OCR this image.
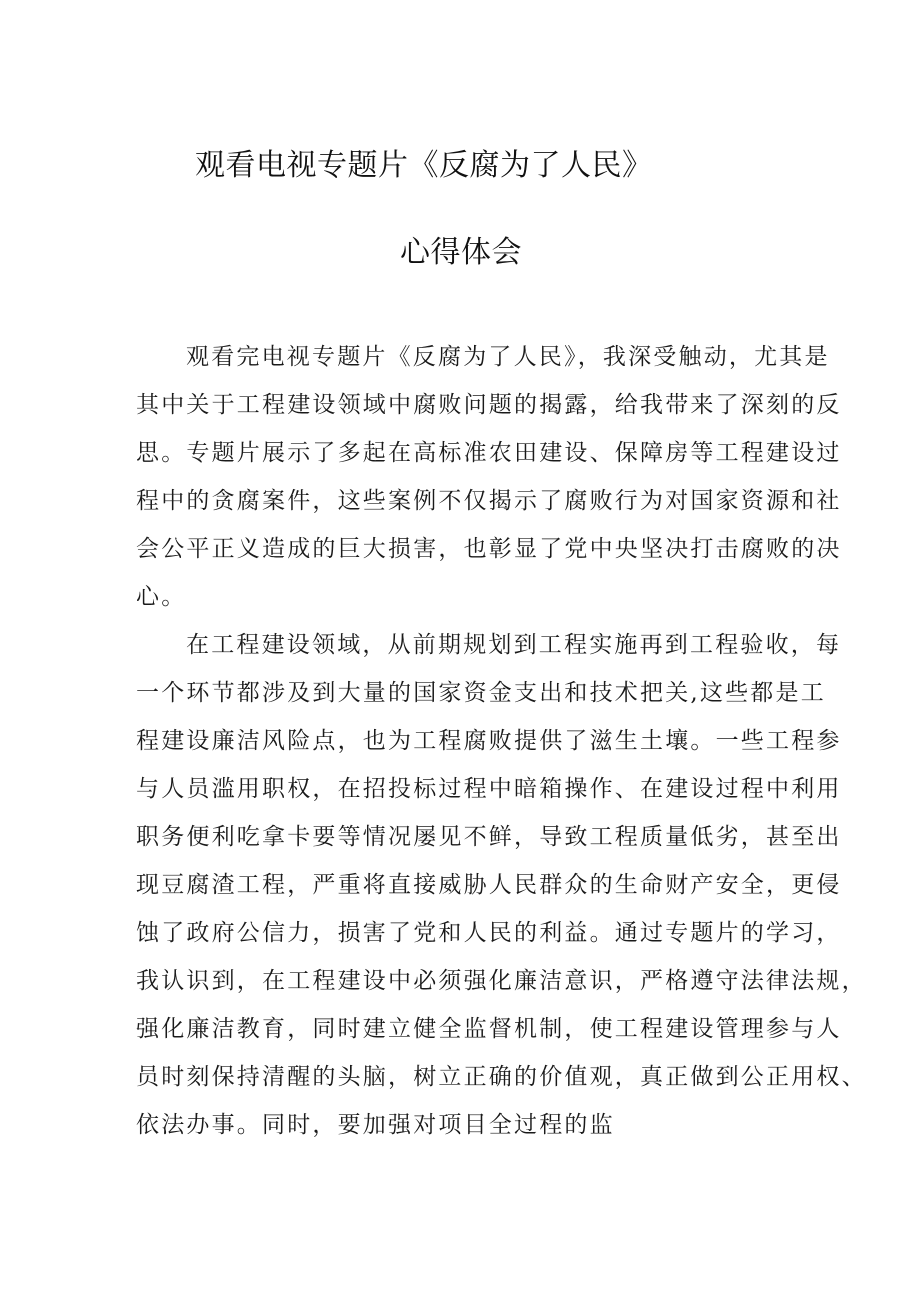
观看电视专题片《反腐为了人民》
心得体会
观看完电视专题片《反腐为了人民》，我深受触动，尤其是
其中关于工程建设领域中腐败问题的揭露，给我带来了深刻的反
思。专题片展示了多起在高标准农田建设、保障房等工程建设过
程中的贪腐案件，这些案例不仅揭示了腐败行为对国家资源和社
会公平正义造成的巨大损害，也彰显了党中央坚决打击腐败的决
心。
在工程建设领域，从前期规划到工程实施再到工程验收，每
一个环节都涉及到大量的国家资金支出和技术把关,这些都是工
程建设廉洁风险点，也为工程腐败提供了滋生土壤。一些工程参
与人员滥用职权，在招投标过程中暗箱操作、在建设过程中利用
职务便利吃拿卡要等情况屡见不鲜，导致工程质量低劣，甚至出
现豆腐渣工程，严重将直接威胁人民群众的生命财产安全，更侵
蚀了政府公信力，损害了党和人民的利益。通过专题片的学习，
我认识到，在工程建设中必须强化廉洁意识，严格遵守法律法规，
强化廉洁教育，同时建立健全监督机制，使工程建设管理参与人
员时刻保持清醒的头脑，树立正确的价值观，真正做到公正用权、
依法办事。同时，要加强对项目全过程的监
